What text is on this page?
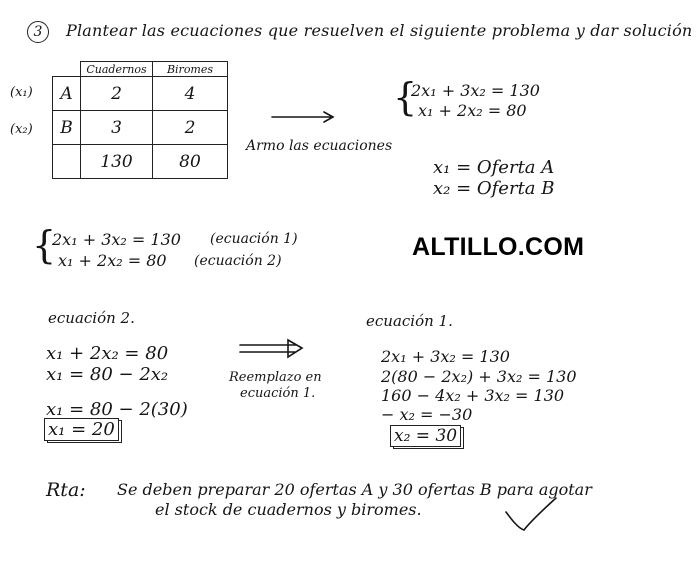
3	Plantear las ecuaciones que resuelven el siguiente problema y dar solución
(x₁)
(x₂)
	Cuadernos	Biromes
A	2	4
B	3	2
	130	80
Armo las ecuaciones
{
2x₁ + 3x₂ = 130
x₁ + 2x₂ = 80
x₁ = Oferta A
x₂ = Oferta B
{
2x₁ + 3x₂ = 130 (ecuación 1)
x₁ + 2x₂ = 80 (ecuación 2)	ALTILLO.COM
ecuación 2.
x₁ + 2x₂ = 80
x₁ = 80 − 2x₂
x₁ = 80 − 2(30)
x₁ = 20
Reemplazo en
ecuación 1.
ecuación 1.
2x₁ + 3x₂ = 130
2(80 − 2x₂) + 3x₂ = 130
160 − 4x₂ + 3x₂ = 130
− x₂ = −30
x₂ = 30
Rta: Se deben preparar 20 ofertas A y 30 ofertas B para agotar
el stock de cuadernos y biromes.
